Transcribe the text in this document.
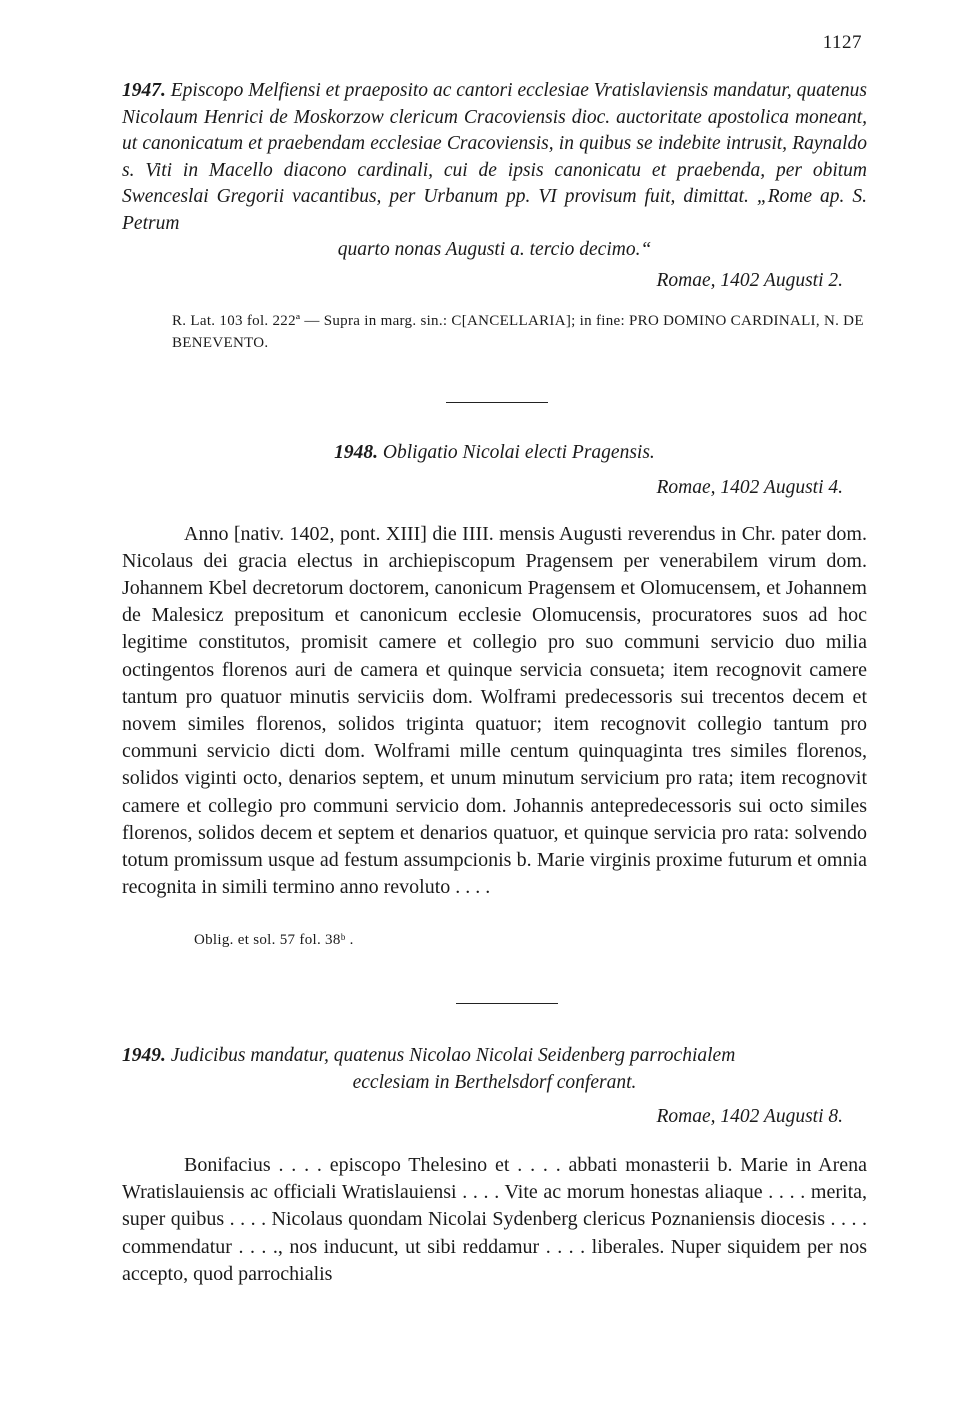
1127

1947. Episcopo Melfiensi et praeposito ac cantori ecclesiae Vratislaviensis mandatur, quatenus Nicolaum Henrici de Moskorzow clericum Cracoviensis dioc. auctoritate apostolica moneant, ut canonicatum et praebendam ecclesiae Cracoviensis, in quibus se indebite intrusit, Raynaldo s. Viti in Macello diacono cardinali, cui de ipsis canonicatu et praebenda, per obitum Swenceslai Gregorii vacantibus, per Urbanum pp. VI provisum fuit, dimittat. „Rome ap. S. Petrum

quarto nonas Augusti a. tercio decimo.“

Romae, 1402 Augusti 2.

R. Lat. 103 fol. 222ª — Supra in marg. sin.: C[ANCELLARIA]; in fine: PRO DOMINO CARDINALI, N. DE BENEVENTO.

1948. Obligatio Nicolai electi Pragensis.

Romae, 1402 Augusti 4.

Anno [nativ. 1402, pont. XIII] die IIII. mensis Augusti reverendus in Chr. pater dom. Nicolaus dei gracia electus in archiepiscopum Pragensem per venerabilem virum dom. Johannem Kbel decretorum doctorem, canonicum Pragensem et Olomucensem, et Johannem de Malesicz prepositum et canonicum ecclesie Olomucensis, procuratores suos ad hoc legitime constitutos, promisit camere et collegio pro suo communi servicio duo milia octingentos florenos auri de camera et quinque servicia consueta; item recognovit camere tantum pro quatuor minutis serviciis dom. Wolframi predecessoris sui trecentos decem et novem similes florenos, solidos triginta quatuor; item recognovit collegio tantum pro communi servicio dicti dom. Wolframi mille centum quinquaginta tres similes florenos, solidos viginti octo, denarios septem, et unum minutum servicium pro rata; item recognovit camere et collegio pro communi servicio dom. Johannis antepredecessoris sui octo similes florenos, solidos decem et septem et denarios quatuor, et quinque servicia pro rata: solvendo totum promissum usque ad festum assumpcionis b. Marie virginis proxime futurum et omnia recognita in simili termino anno revoluto . . . .

Oblig. et sol. 57 fol. 38ᵇ .

1949. Judicibus mandatur, quatenus Nicolao Nicolai Seidenberg parrochialem

ecclesiam in Berthelsdorf conferant.

Romae, 1402 Augusti 8.

Bonifacius . . . . episcopo Thelesino et . . . . abbati monasterii b. Marie in Arena Wratislauiensis ac officiali Wratislauiensi . . . . Vite ac morum honestas aliaque . . . . merita, super quibus . . . . Nicolaus quondam Nicolai Sydenberg clericus Poznaniensis diocesis . . . . commendatur . . . ., nos inducunt, ut sibi reddamur . . . . liberales. Nuper siquidem per nos accepto, quod parrochialis
